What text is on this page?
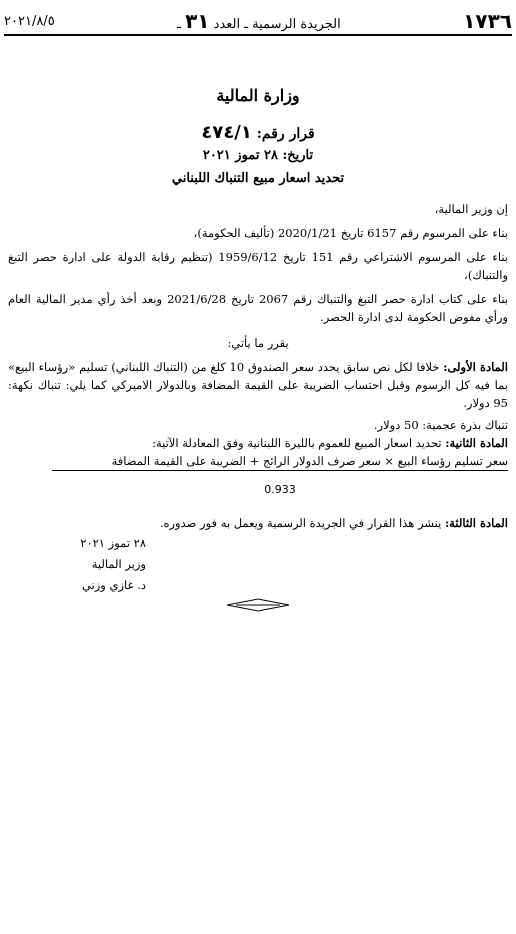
١٧٣٦
الجريدة الرسمية ـ العدد ٣١ ـ
٢٠٢١/٨/٥
وزارة المالية
قرار رقم: ٤٧٤/١
تاريخ: ٢٨ تموز ٢٠٢١
تحديد اسعار مبيع التنباك اللبناني

إن وزير المالية،

بناء على المرسوم رقم 6157 تاريخ 2020/1/21 (تأليف الحكومة)،

بناء على المرسوم الاشتراعي رقم 151 تاريخ 1959/6/12 (تنظيم رقابة الدولة على ادارة حصر التبغ والتنباك)،

بناء على كتاب ادارة حصر التبغ والتنباك رقم 2067 تاريخ 2021/6/28 وبعد أخذ رأي مدير المالية العام ورأي مفوض الحكومة لدى ادارة الحصر.

يقرر ما يأتي:

المادة الأولى: خلافا لكل نص سابق يحدد سعر الصندوق 10 كلغ من (التنباك اللبناني) تسليم «رؤساء البيع» بما فيه كل الرسوم وقبل احتساب الضريبة على القيمة المضافة وبالدولار الاميركي كما يلي: تنباك نكهة: 95 دولار.

تنباك بذرة عجمية: 50 دولار.

المادة الثانية: تحديد اسعار المبيع للعموم بالليرة اللبنانية وفق المعادلة الآتية:

سعر تسليم رؤساء البيع × سعر صرف الدولار الرائج + الضريبة على القيمة المضافة
0.933

المادة الثالثة: ينشر هذا القرار في الجريدة الرسمية ويعمل به فور صدوره.

٢٨ تموز ٢٠٢١
وزير المالية
د. غازي وزني
